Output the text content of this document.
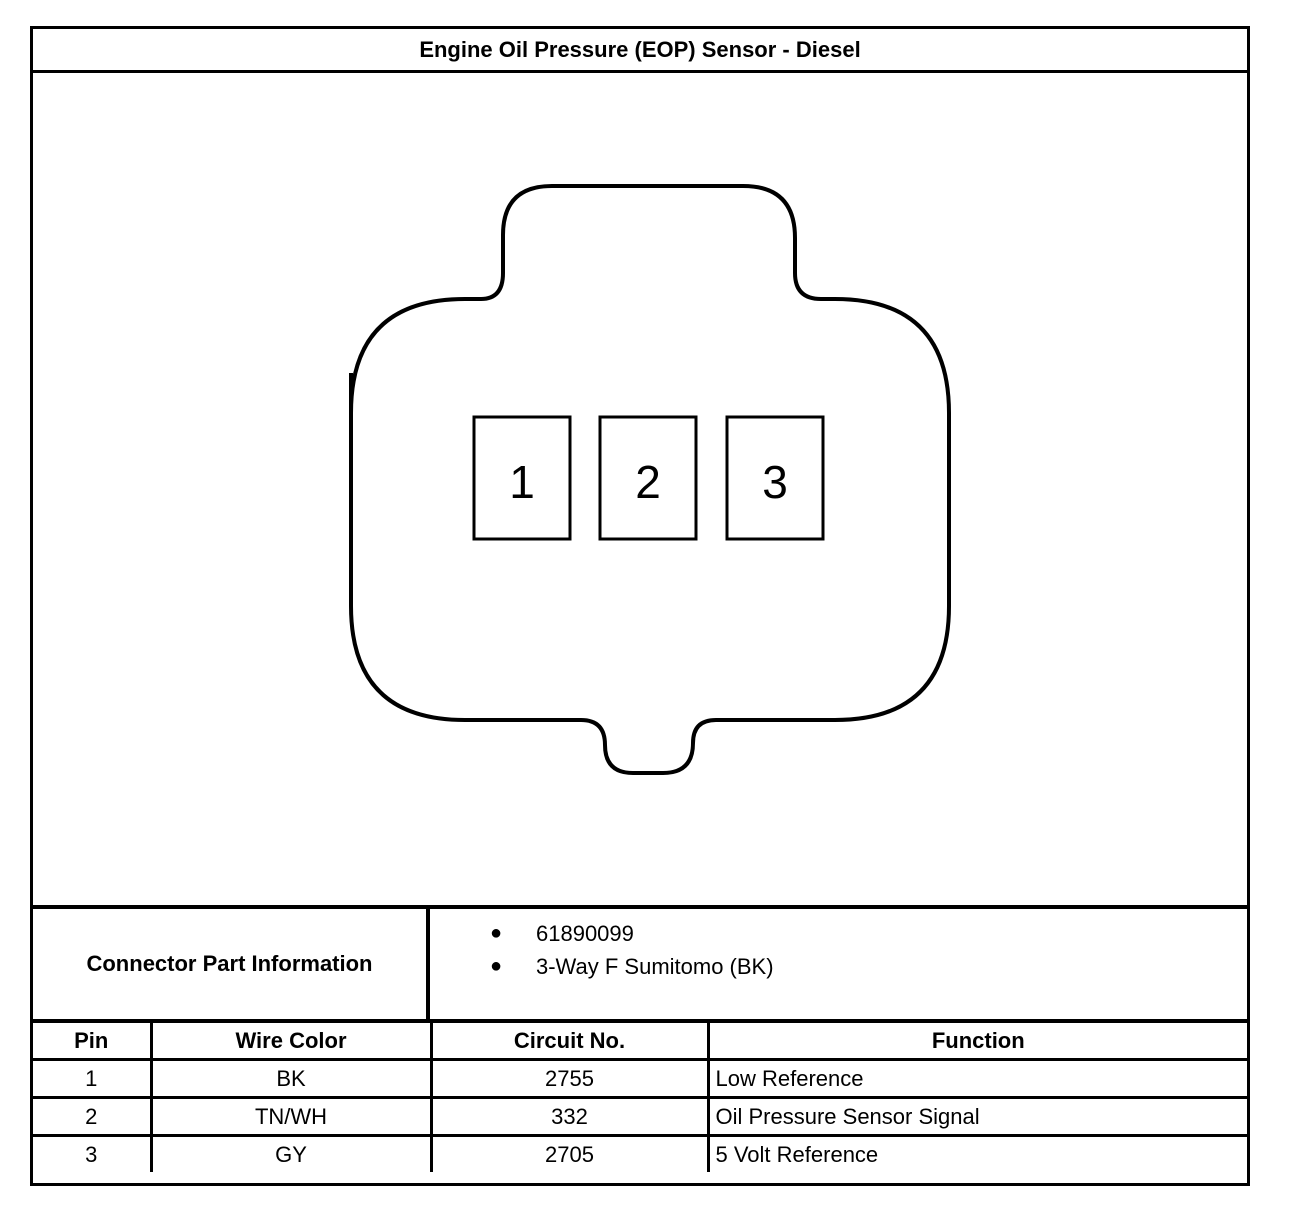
Engine Oil Pressure (EOP) Sensor - Diesel
1 2 3
Connector Part Information
● 61890099
● 3-Way F Sumitomo (BK)
Pin	Wire Color	Circuit No.	Function
1	BK	2755	Low Reference
2	TN/WH	332	Oil Pressure Sensor Signal
3	GY	2705	5 Volt Reference
